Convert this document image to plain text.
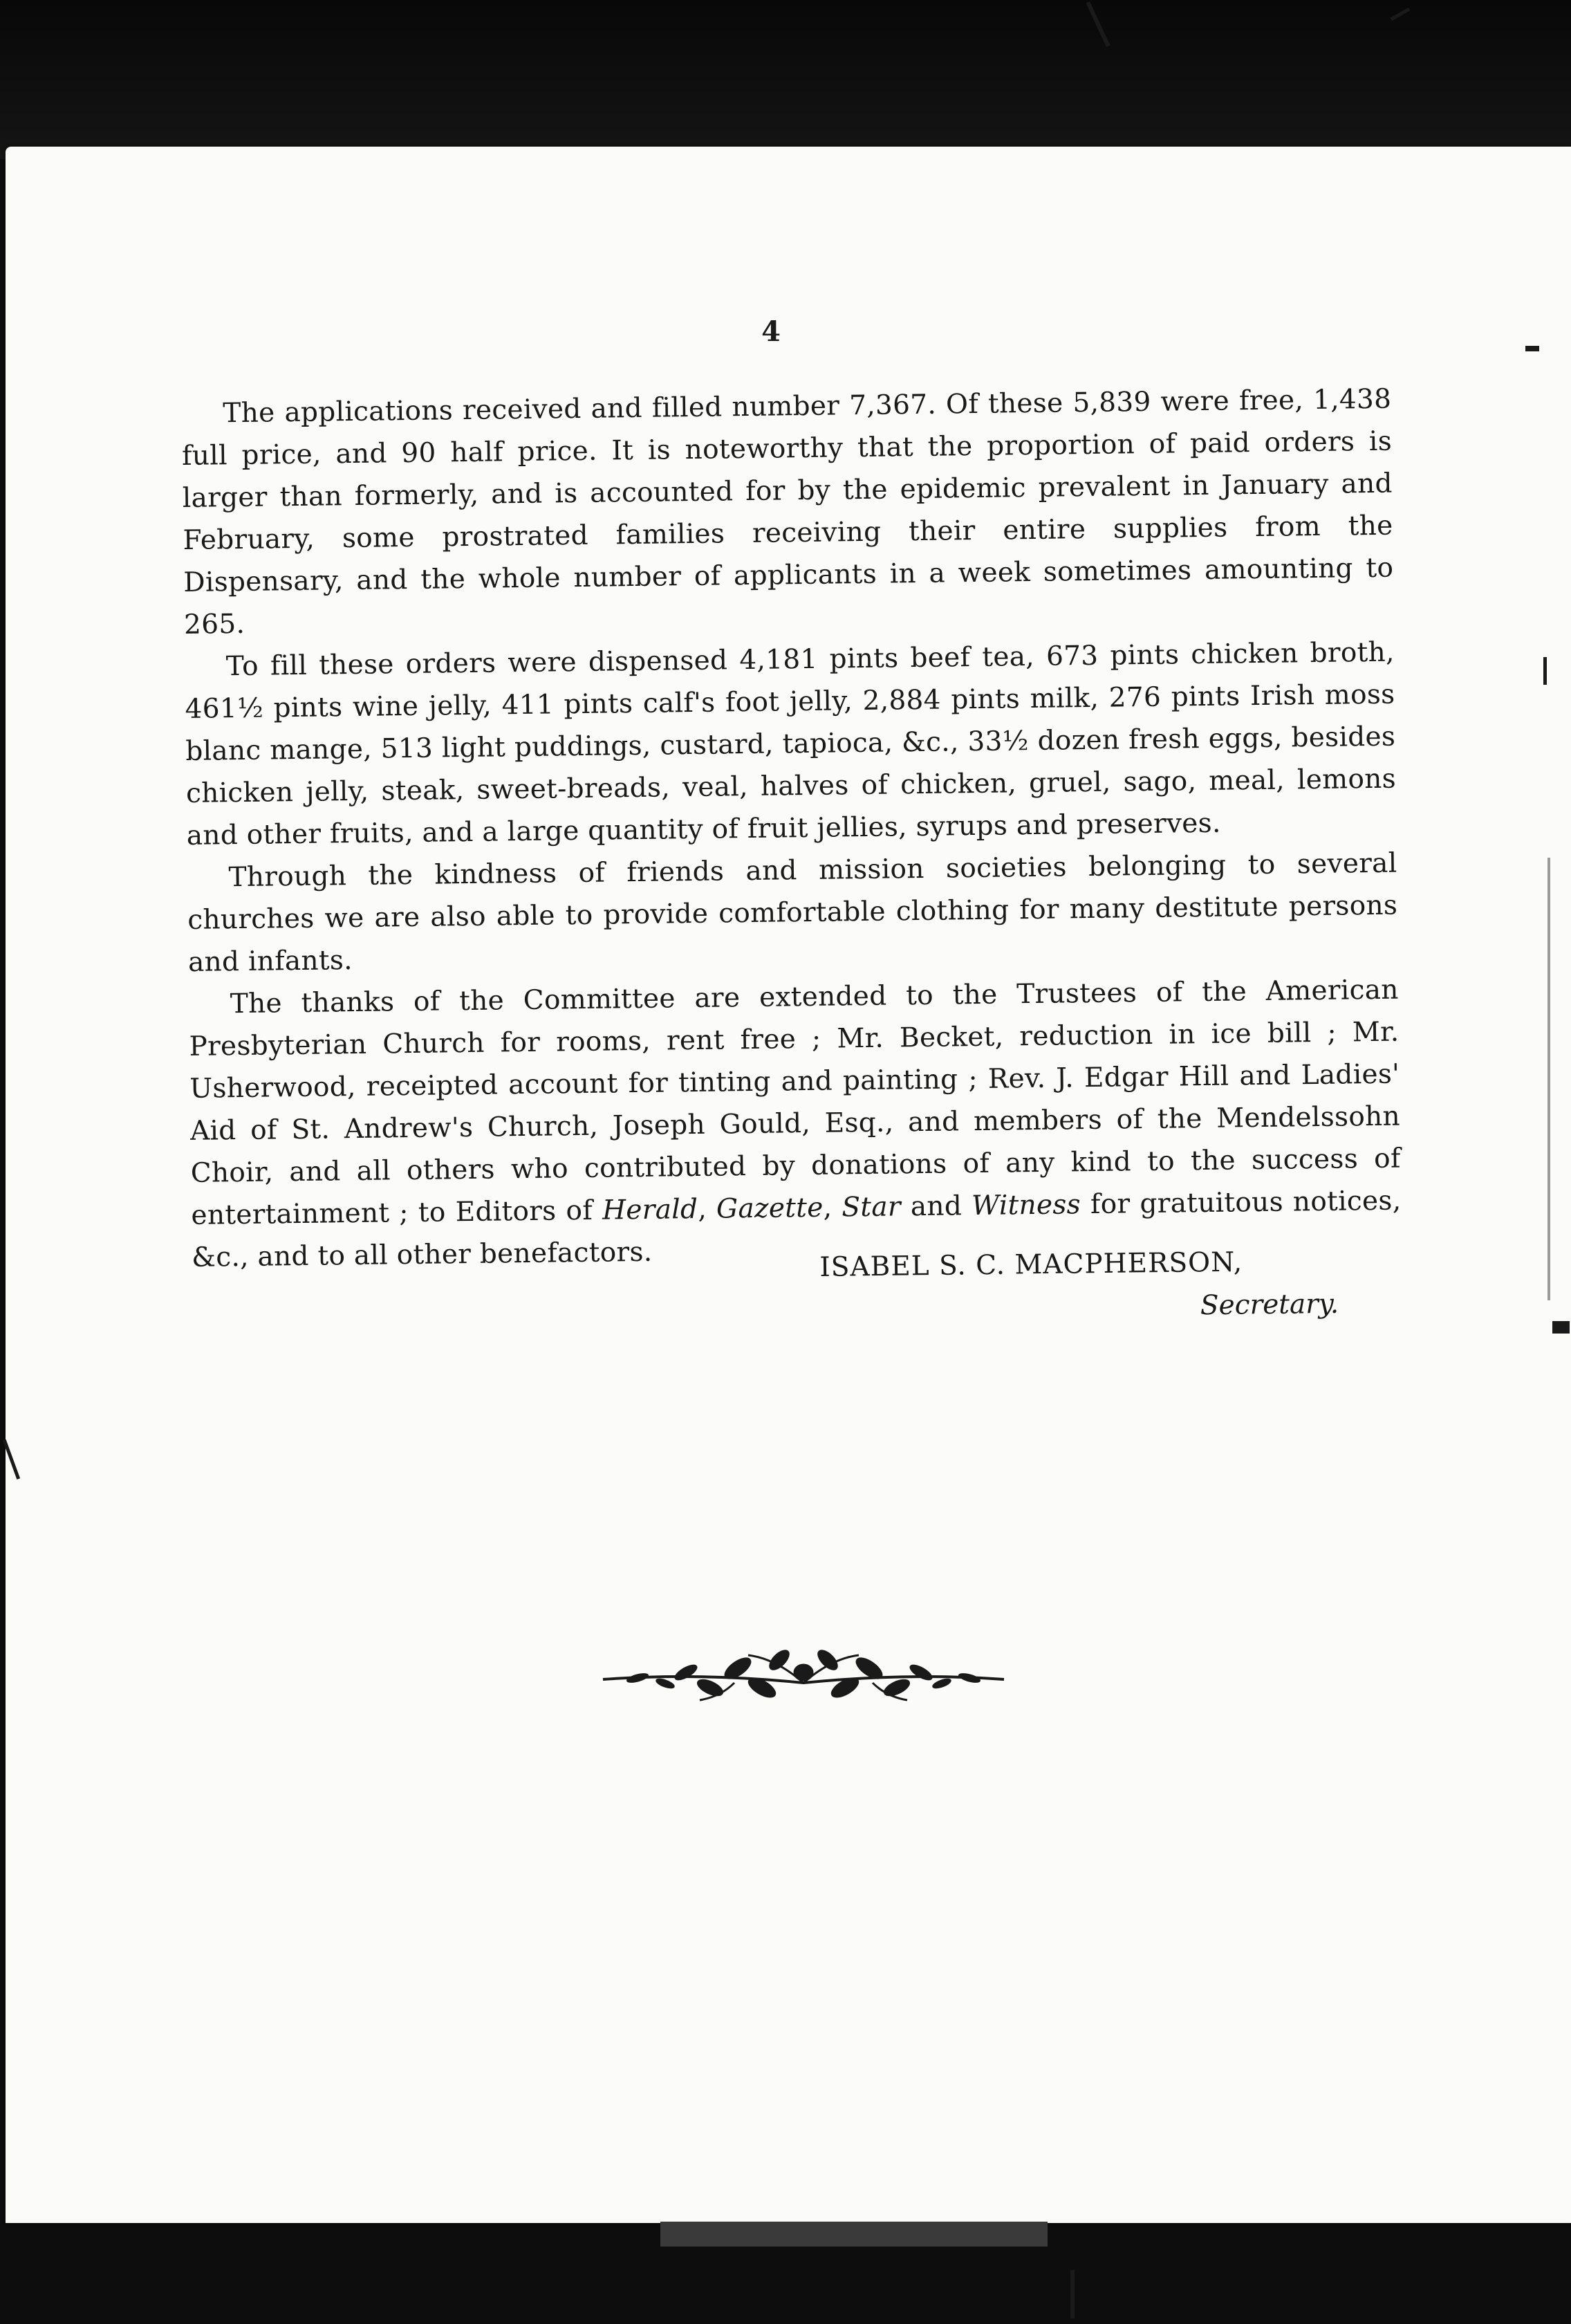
4

The applications received and filled number 7,367. Of these 5,839 were free, 1,438 full price, and 90 half price. It is noteworthy that the proportion of paid orders is larger than formerly, and is accounted for by the epidemic prevalent in January and February, some prostrated families receiving their entire supplies from the Dispensary, and the whole number of applicants in a week sometimes amounting to 265.

To fill these orders were dispensed 4,181 pints beef tea, 673 pints chicken broth, 461½ pints wine jelly, 411 pints calf's foot jelly, 2,884 pints milk, 276 pints Irish moss blanc mange, 513 light puddings, custard, tapioca, &c., 33½ dozen fresh eggs, besides chicken jelly, steak, sweet-breads, veal, halves of chicken, gruel, sago, meal, lemons and other fruits, and a large quantity of fruit jellies, syrups and preserves.

Through the kindness of friends and mission societies belonging to several churches we are also able to provide comfortable clothing for many destitute persons and infants.

The thanks of the Committee are extended to the Trustees of the American Presbyterian Church for rooms, rent free ; Mr. Becket, reduction in ice bill ; Mr. Usherwood, receipted account for tinting and painting ; Rev. J. Edgar Hill and Ladies' Aid of St. Andrew's Church, Joseph Gould, Esq., and members of the Mendelssohn Choir, and all others who contributed by donations of any kind to the success of entertainment ; to Editors of Herald, Gazette, Star and Witness for gratuitous notices, &c., and to all other benefactors.	ISABEL S. C. MACPHERSON,
Secretary.
